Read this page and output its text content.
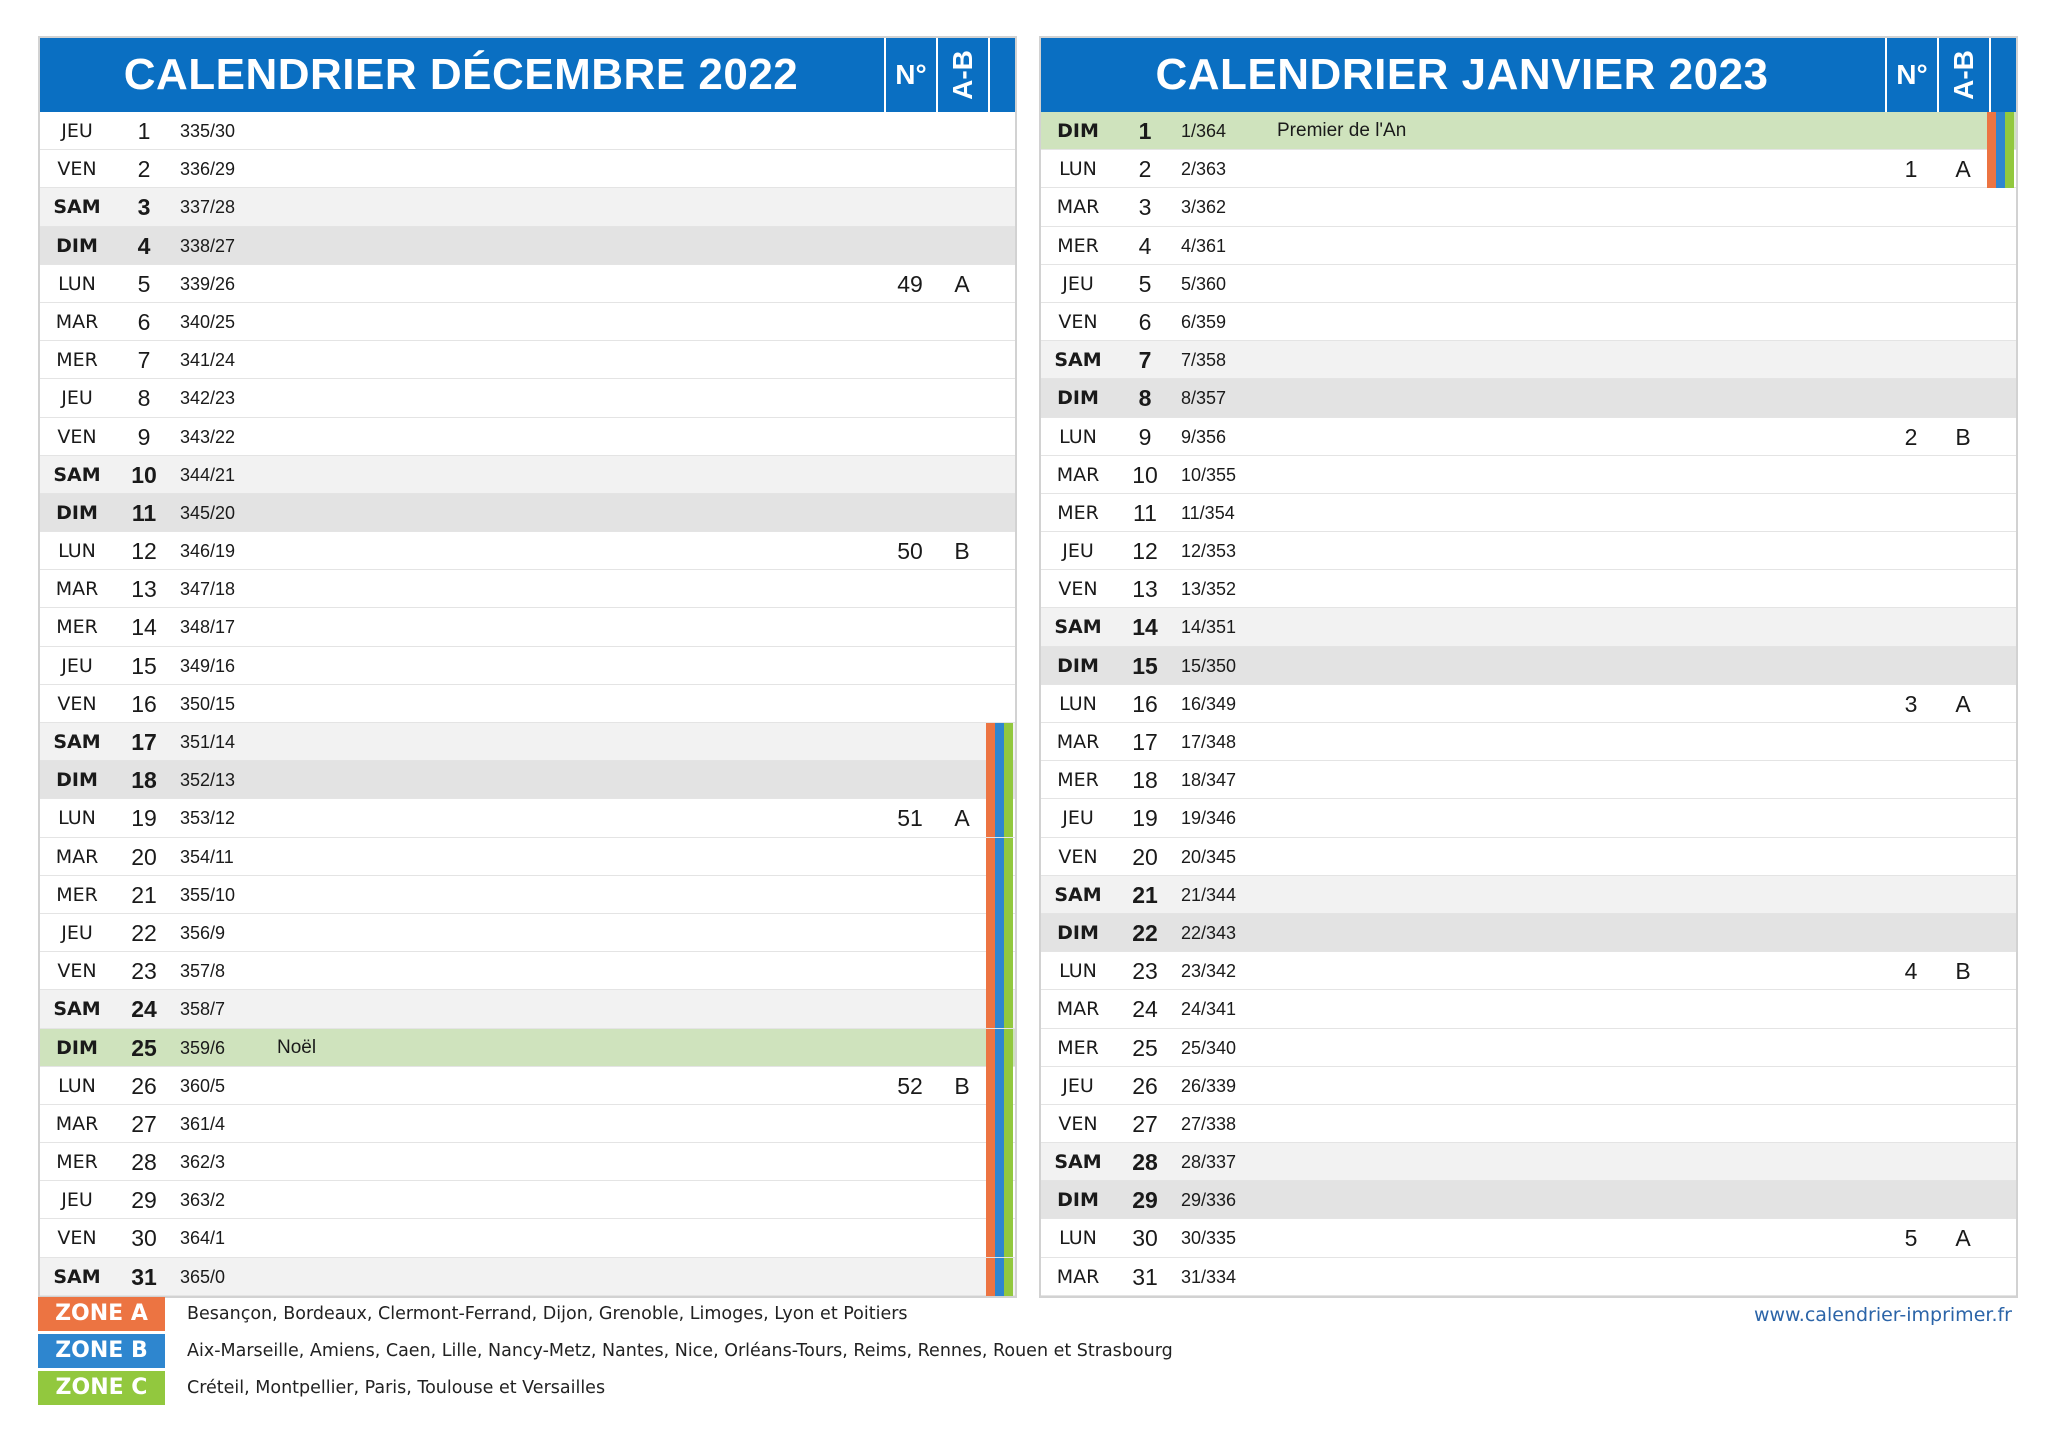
CALENDRIER DÉCEMBRE 2022	N° A-B
JEU	1	335/30
VEN	2	336/29
SAM	3	337/28
DIM	4	338/27
LUN	5	339/26	49	A
MAR	6	340/25
MER	7	341/24
JEU	8	342/23
VEN	9	343/22
SAM	10	344/21
DIM	11	345/20
LUN	12	346/19	50	B
MAR	13	347/18
MER	14	348/17
JEU	15	349/16
VEN	16	350/15
SAM	17	351/14
DIM	18	352/13
LUN	19	353/12	51	A
MAR	20	354/11
MER	21	355/10
JEU	22	356/9
VEN	23	357/8
SAM	24	358/7
DIM	25	359/6	Noël
LUN	26	360/5	52	B
MAR	27	361/4
MER	28	362/3
JEU	29	363/2
VEN	30	364/1
SAM	31	365/0
CALENDRIER JANVIER 2023	N° A-B
DIM	1	1/364	Premier de l'An
LUN	2	2/363	1	A
MAR	3	3/362
MER	4	4/361
JEU	5	5/360
VEN	6	6/359
SAM	7	7/358
DIM	8	8/357
LUN	9	9/356	2	B
MAR	10	10/355
MER	11	11/354
JEU	12	12/353
VEN	13	13/352
SAM	14	14/351
DIM	15	15/350
LUN	16	16/349	3	A
MAR	17	17/348
MER	18	18/347
JEU	19	19/346
VEN	20	20/345
SAM	21	21/344
DIM	22	22/343
LUN	23	23/342	4	B
MAR	24	24/341
MER	25	25/340
JEU	26	26/339
VEN	27	27/338
SAM	28	28/337
DIM	29	29/336
LUN	30	30/335	5	A
MAR	31	31/334
ZONE A	Besançon, Bordeaux, Clermont-Ferrand, Dijon, Grenoble, Limoges, Lyon et Poitiers
ZONE B	Aix-Marseille, Amiens, Caen, Lille, Nancy-Metz, Nantes, Nice, Orléans-Tours, Reims, Rennes, Rouen et Strasbourg
ZONE C	Créteil, Montpellier, Paris, Toulouse et Versailles
www.calendrier-imprimer.fr
